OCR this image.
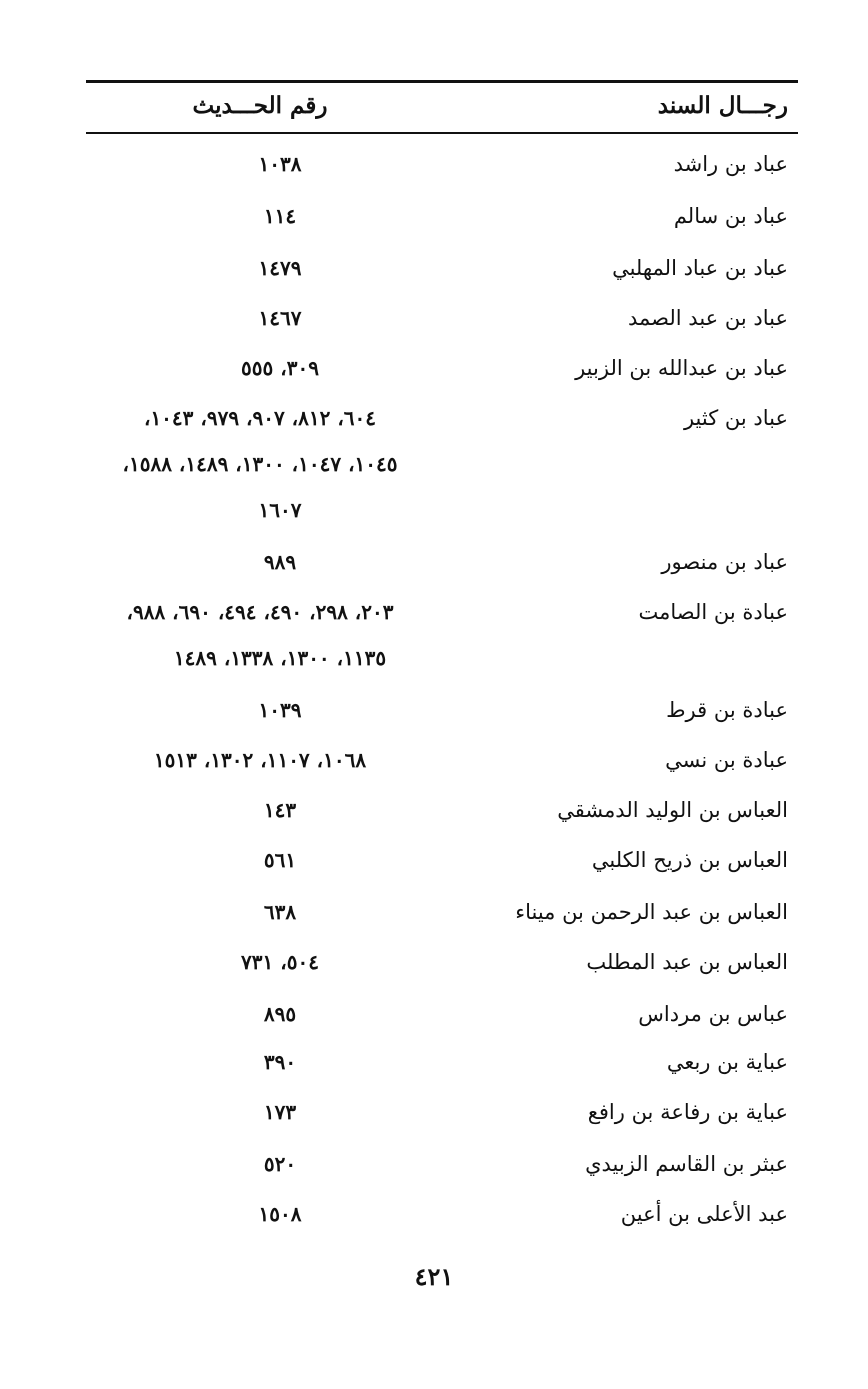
رجـــال السند
رقم الحـــديث
عباد بن راشد
١٠٣٨
عباد بن سالم
١١٤
عباد بن عباد المهلبي
١٤٧٩
عباد بن عبد الصمد
١٤٦٧
عباد بن عبدالله بن الزبير
٣٠٩، ٥٥٥
عباد بن كثير
٦٠٤، ٨١٢، ٩٠٧، ٩٧٩، ١٠٤٣،
١٠٤٥، ١٠٤٧، ١٣٠٠، ١٤٨٩، ١٥٨٨،
١٦٠٧
عباد بن منصور
٩٨٩
عبادة بن الصامت
٢٠٣، ٢٩٨، ٤٩٠، ٤٩٤، ٦٩٠، ٩٨٨،
١١٣٥، ١٣٠٠، ١٣٣٨، ١٤٨٩
عبادة بن قرط
١٠٣٩
عبادة بن نسي
١٠٦٨، ١١٠٧، ١٣٠٢، ١٥١٣
العباس بن الوليد الدمشقي
١٤٣
العباس بن ذريح الكلبي
٥٦١
العباس بن عبد الرحمن بن ميناء
٦٣٨
العباس بن عبد المطلب
٥٠٤، ٧٣١
عباس بن مرداس
٨٩٥
عباية بن ربعي
٣٩٠
عباية بن رفاعة بن رافع
١٧٣
عبثر بن القاسم الزبيدي
٥٢٠
عبد الأعلى بن أعين
١٥٠٨
٤٢١
